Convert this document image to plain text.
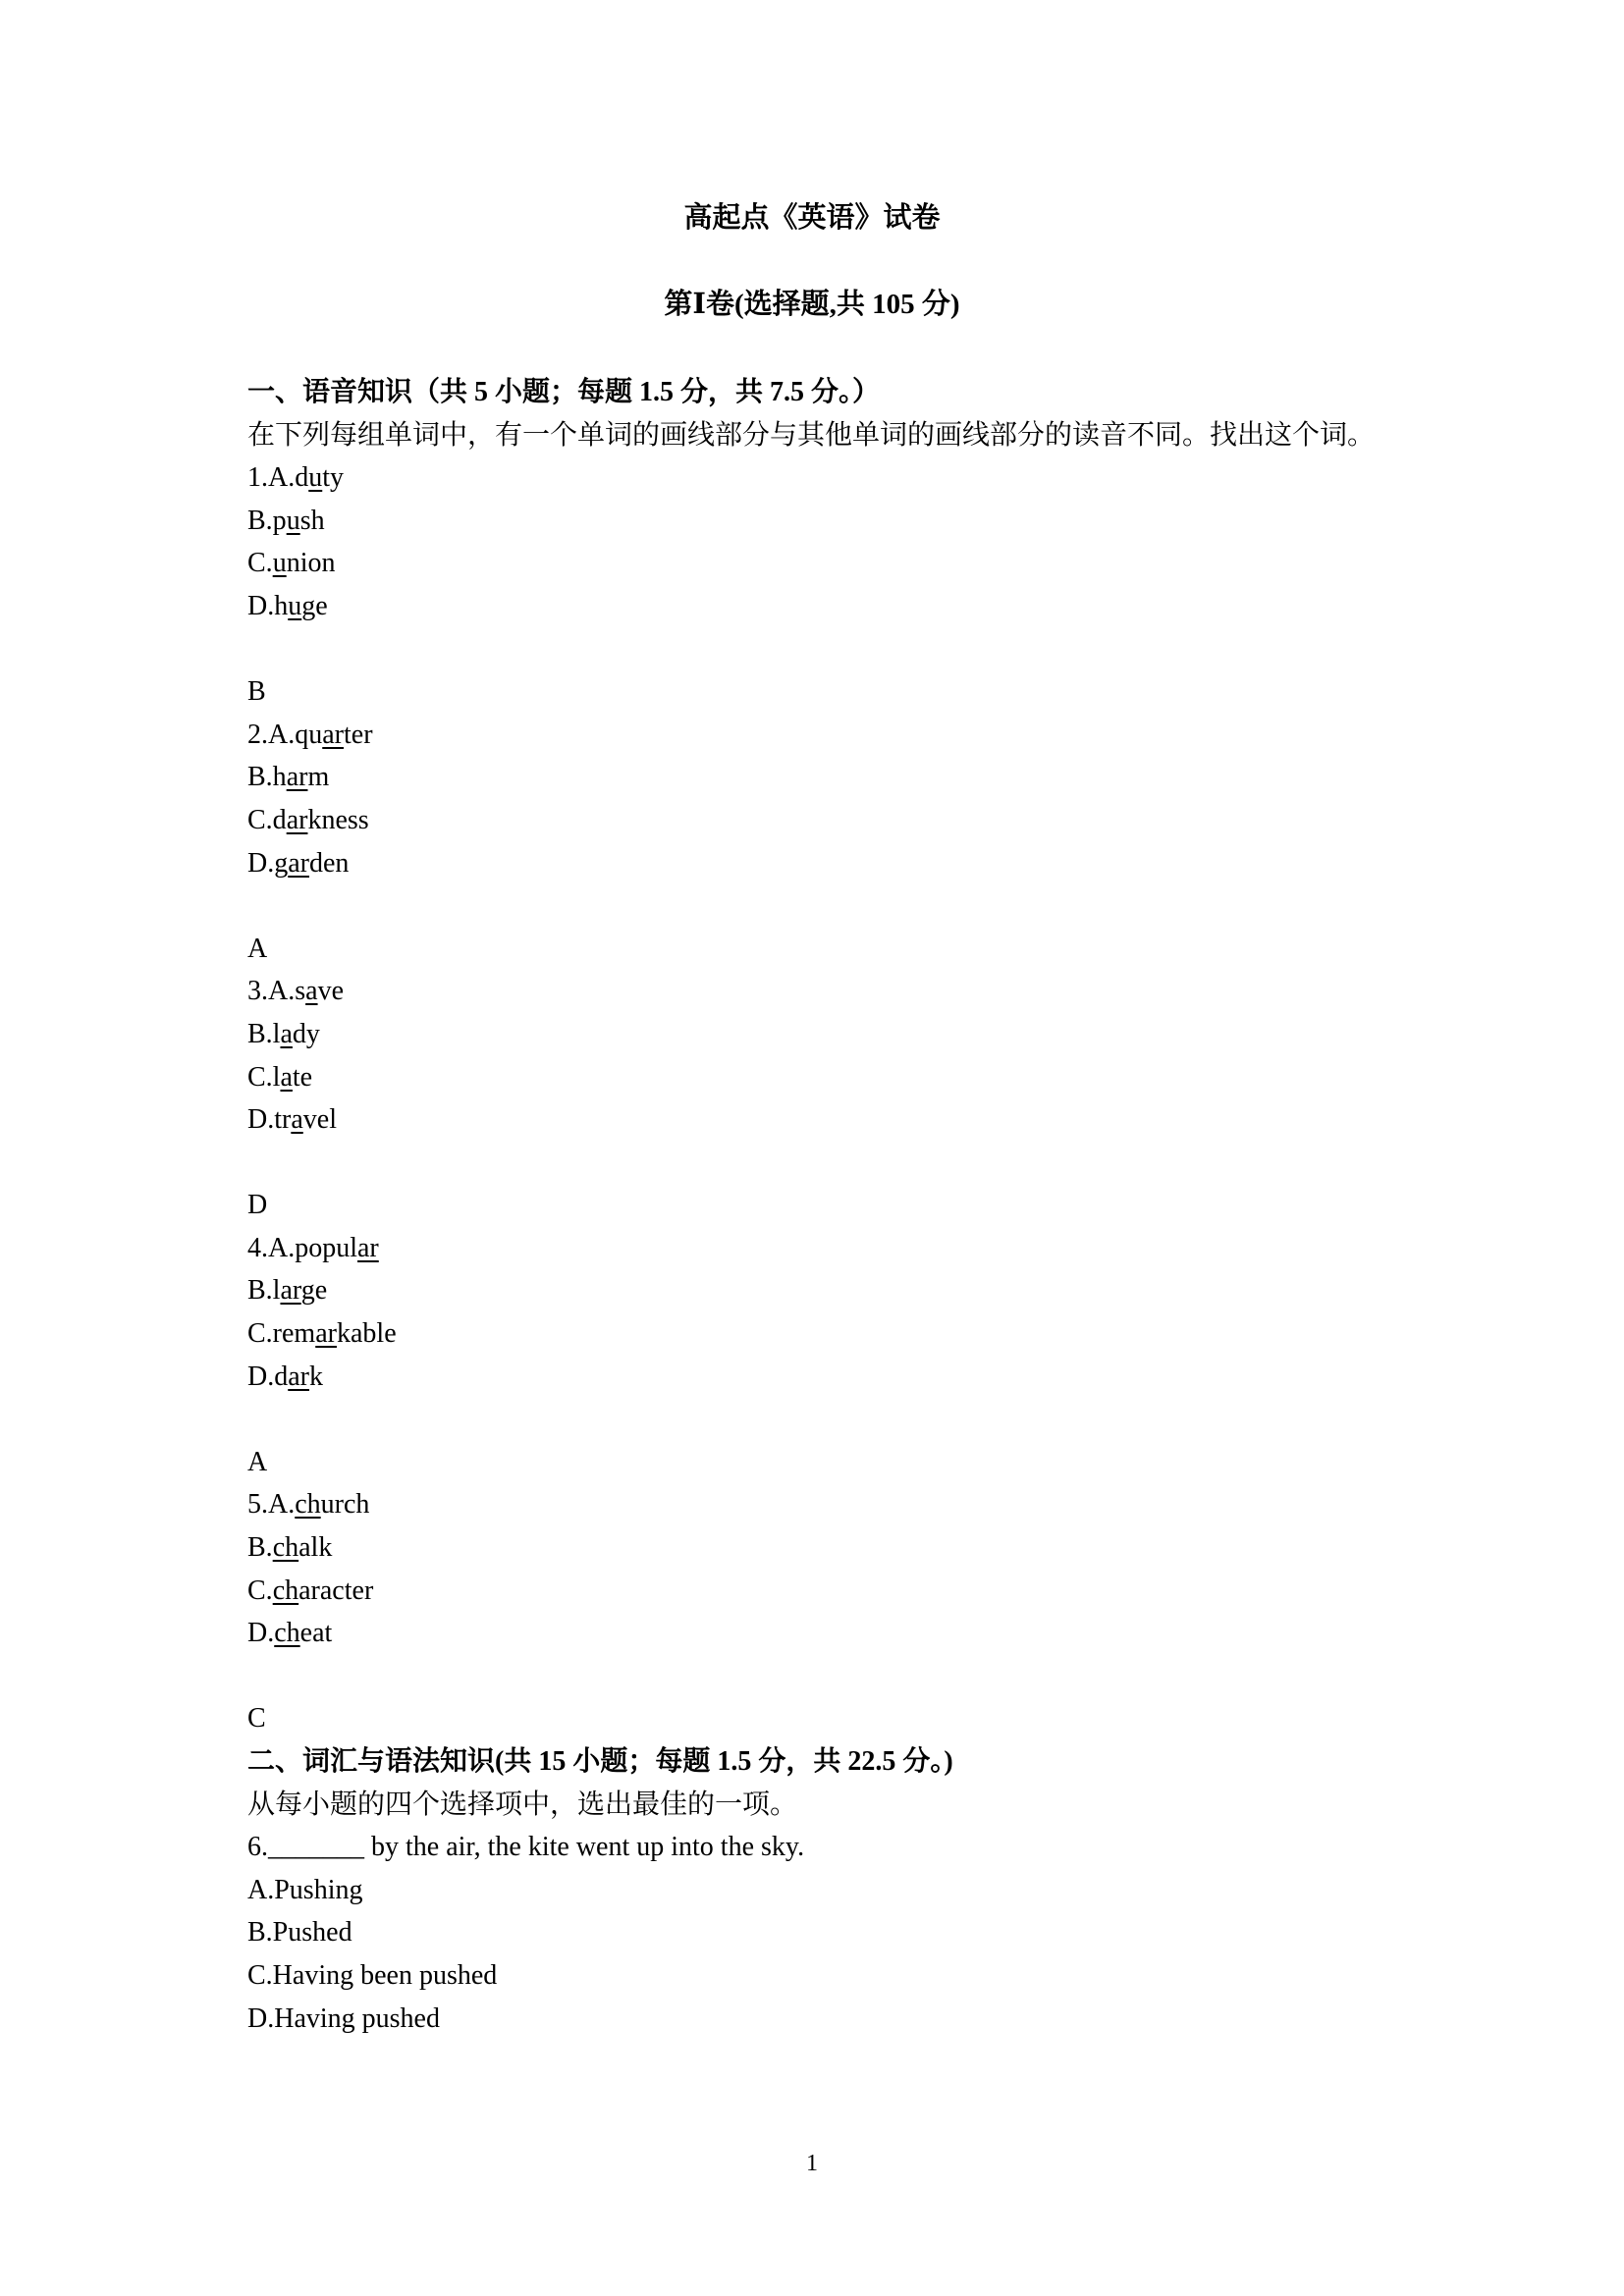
高起点《英语》试卷
第Ⅰ卷(选择题,共 105 分)
一、语音知识（共 5 小题；每题 1.5 分，共 7.5 分。）
在下列每组单词中，有一个单词的画线部分与其他单词的画线部分的读音不同。找出这个词。
1.A.duty
B.push
C.union
D.huge
B
2.A.quarter
B.harm
C.darkness
D.garden
A
3.A.save
B.lady
C.late
D.travel
D
4.A.popular
B.large
C.remarkable
D.dark
A
5.A.church
B.chalk
C.character
D.cheat
C
二、词汇与语法知识(共 15 小题；每题 1.5 分，共 22.5 分。)
从每小题的四个选择项中，选出最佳的一项。
6._______ by the air, the kite went up into the sky.
A.Pushing
B.Pushed
C.Having been pushed
D.Having pushed
1
